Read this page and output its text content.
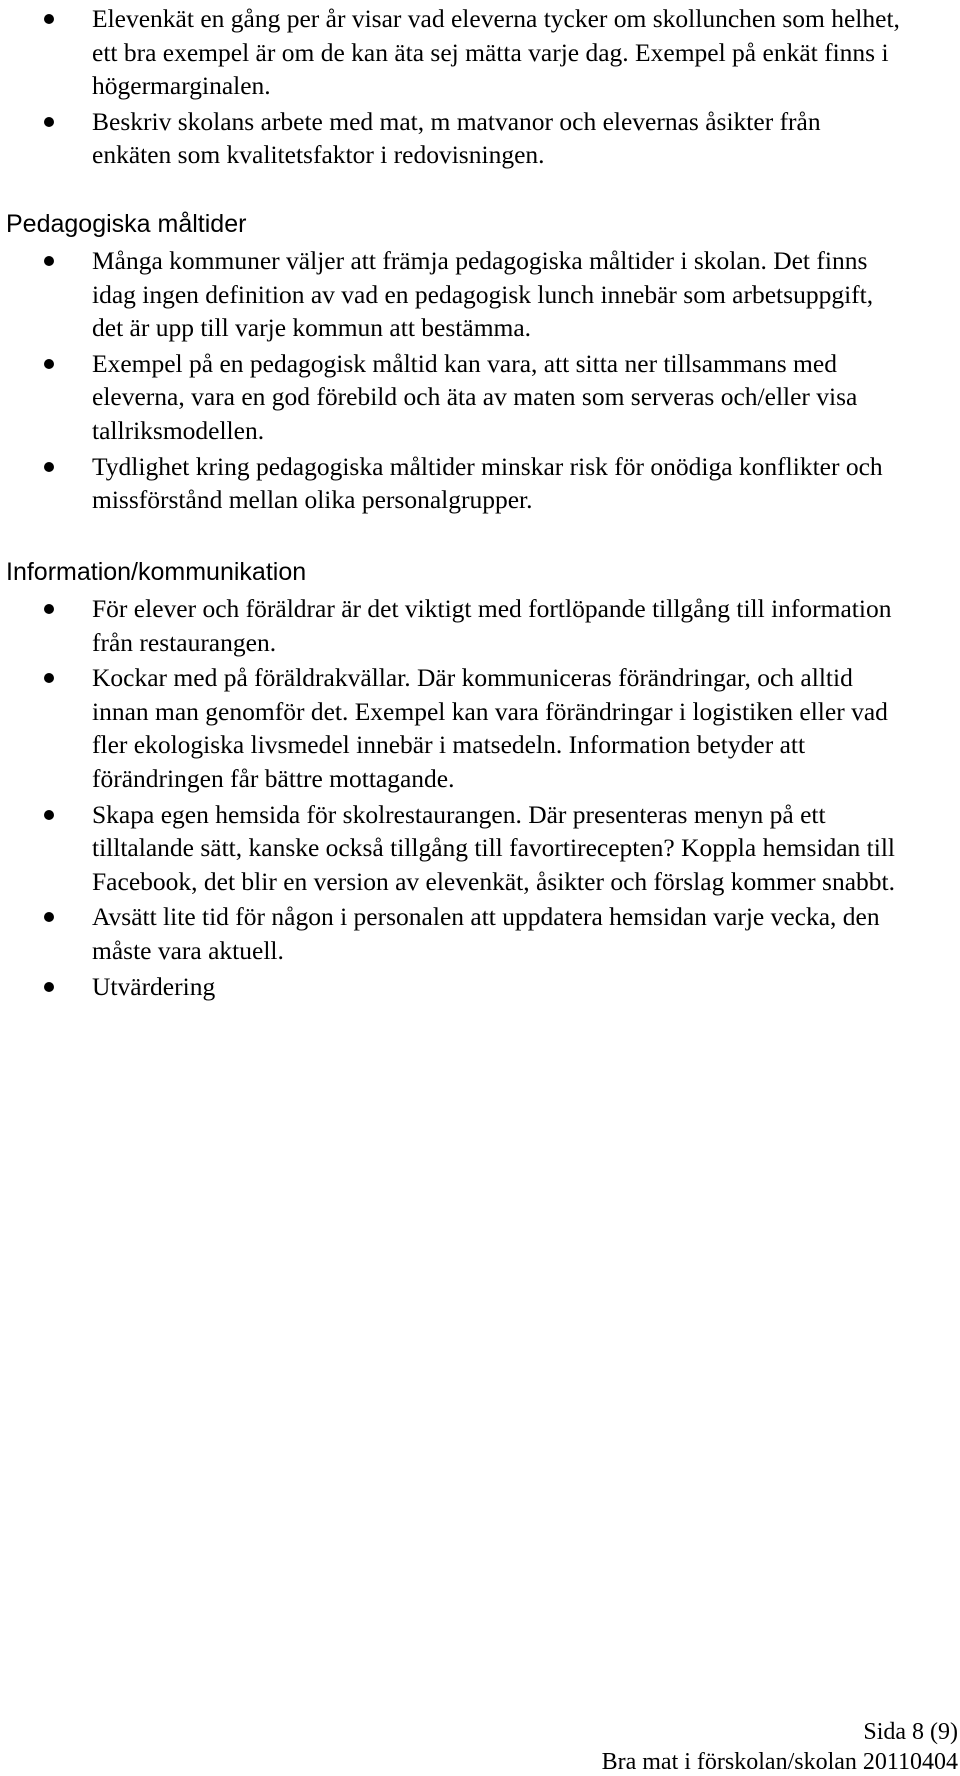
Elevenkät en gång per år visar vad eleverna tycker om skollunchen som helhet, ett bra exempel är om de kan äta sej mätta varje dag. Exempel på enkät finns i högermarginalen.
Beskriv skolans arbete med mat, m matvanor och elevernas åsikter från enkäten som kvalitetsfaktor i redovisningen.
Pedagogiska måltider
Många kommuner väljer att främja pedagogiska måltider i skolan. Det finns idag ingen definition av vad en pedagogisk lunch innebär som arbetsuppgift, det är upp till varje kommun att bestämma.
Exempel på en pedagogisk måltid kan vara, att sitta ner tillsammans med eleverna, vara en god förebild och äta av maten som serveras och/eller visa tallriksmodellen.
Tydlighet kring pedagogiska måltider minskar risk för onödiga konflikter och missförstånd mellan olika personalgrupper.
Information/kommunikation
För elever och föräldrar är det viktigt med fortlöpande tillgång till information från restaurangen.
Kockar med på föräldrakvällar. Där kommuniceras förändringar, och alltid innan man genomför det. Exempel kan vara förändringar i logistiken eller vad fler ekologiska livsmedel innebär i matsedeln. Information betyder att förändringen får bättre mottagande.
Skapa egen hemsida för skolrestaurangen. Där presenteras menyn på ett tilltalande sätt, kanske också tillgång till favortirecepten? Koppla hemsidan till Facebook, det blir en version av elevenkät, åsikter och förslag kommer snabbt.
Avsätt lite tid för någon i personalen att uppdatera hemsidan varje vecka, den måste vara aktuell.
Utvärdering
Sida 8 (9)
Bra mat i förskolan/skolan 20110404
